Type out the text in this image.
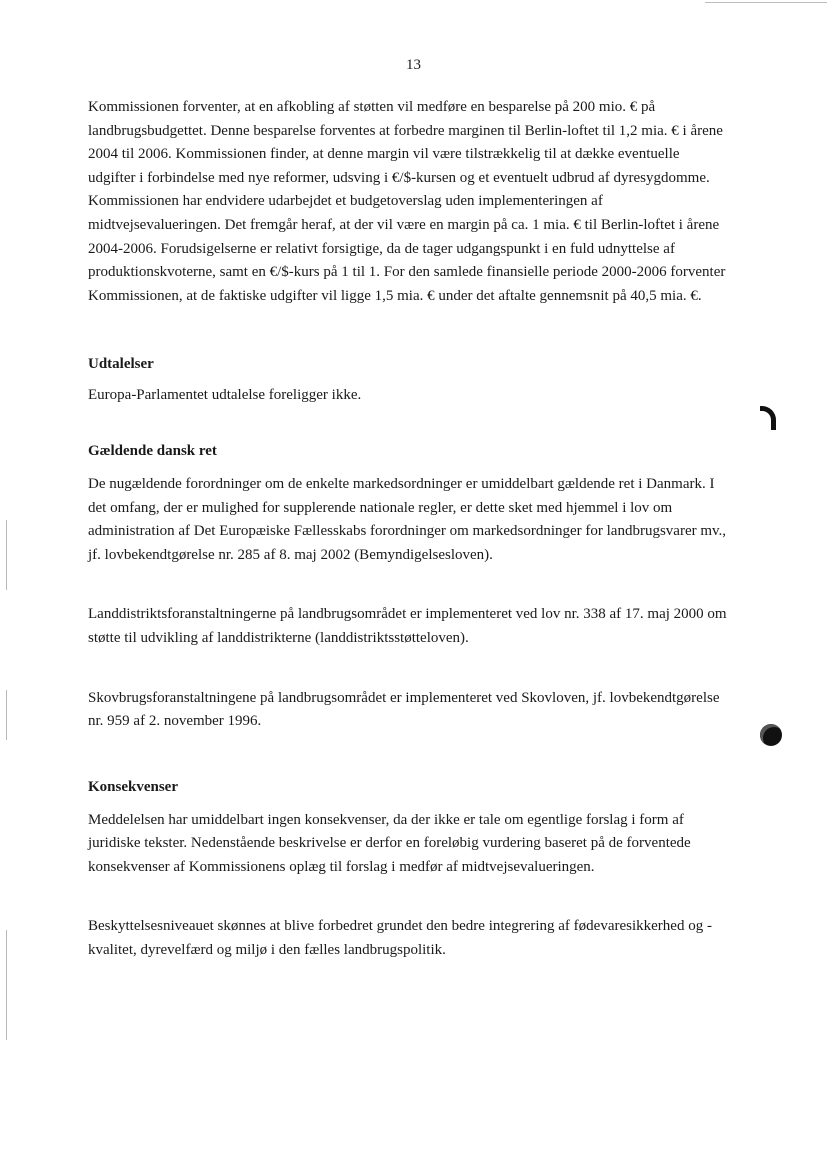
13

Kommissionen forventer, at en afkobling af støtten vil medføre en besparelse på 200 mio. € på landbrugsbudgettet. Denne besparelse forventes at forbedre marginen til Berlin-loftet til 1,2 mia. € i årene 2004 til 2006. Kommissionen finder, at denne margin vil være tilstrækkelig til at dække eventuelle udgifter i forbindelse med nye reformer, udsving i €/$-kursen og et eventuelt udbrud af dyresygdomme. Kommissionen har endvidere udarbejdet et budgetoverslag uden implementeringen af midtvejsevalueringen. Det fremgår heraf, at der vil være en margin på ca. 1 mia. € til Berlin-loftet i årene 2004-2006. Forudsigelserne er relativt forsigtige, da de tager udgangspunkt i en fuld udnyttelse af produktionskvoterne, samt en €/$-kurs på 1 til 1. For den samlede finansielle periode 2000-2006 forventer Kommissionen, at de faktiske udgifter vil ligge 1,5 mia. € under det aftalte gennemsnit på 40,5 mia. €.

Udtalelser

Europa-Parlamentet udtalelse foreligger ikke.

Gældende dansk ret

De nugældende forordninger om de enkelte markedsordninger er umiddelbart gældende ret i Danmark. I det omfang, der er mulighed for supplerende nationale regler, er dette sket med hjemmel i lov om administration af Det Europæiske Fællesskabs forordninger om markedsordninger for landbrugsvarer mv., jf. lovbekendtgørelse nr. 285 af 8. maj 2002 (Bemyndigelsesloven).

Landdistriktsforanstaltningerne på landbrugsområdet er implementeret ved lov nr. 338 af 17. maj 2000 om støtte til udvikling af landdistrikterne (landdistriktsstøtteloven).

Skovbrugsforanstaltningene på landbrugsområdet er implementeret ved Skovloven, jf. lovbekendtgørelse nr. 959 af 2. november 1996.

Konsekvenser

Meddelelsen har umiddelbart ingen konsekvenser, da der ikke er tale om egentlige forslag i form af juridiske tekster. Nedenstående beskrivelse er derfor en foreløbig vurdering baseret på de forventede konsekvenser af Kommissionens oplæg til forslag i medfør af midtvejsevalueringen.

Beskyttelsesniveauet skønnes at blive forbedret grundet den bedre integrering af fødevaresikkerhed og -kvalitet, dyrevelfærd og miljø i den fælles landbrugspolitik.
